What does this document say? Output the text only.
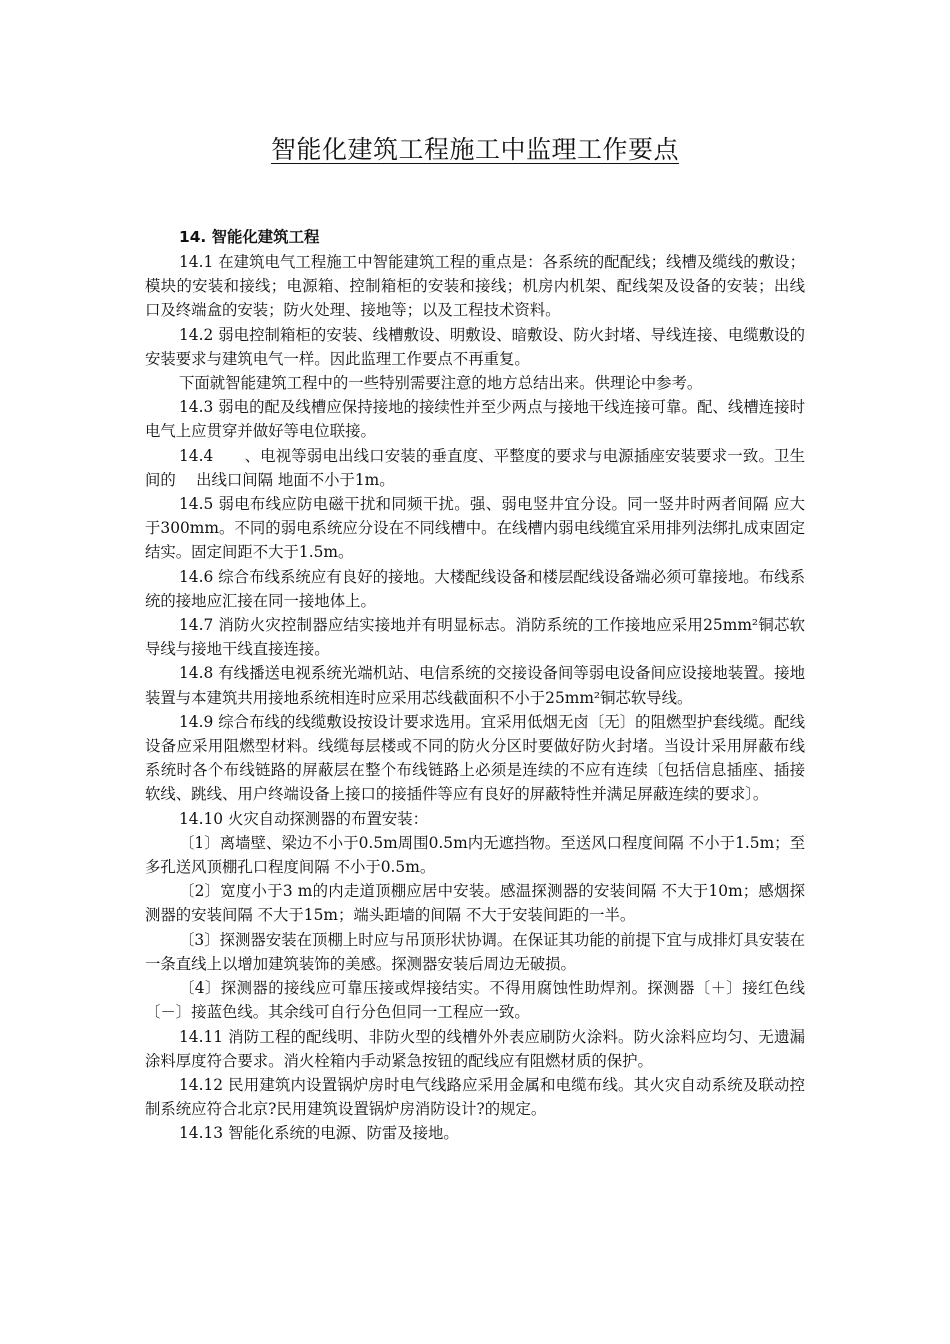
智能化建筑工程施工中监理工作要点

14. 智能化建筑工程

14.1 在建筑电气工程施工中智能建筑工程的重点是：各系统的配配线；线槽及缆线的敷设；模块的安装和接线；电源箱、控制箱柜的安装和接线；机房内机架、配线架及设备的安装；出线口及终端盒的安装；防火处理、接地等；以及工程技术资料。

14.2 弱电控制箱柜的安装、线槽敷设、明敷设、暗敷设、防火封堵、导线连接、电缆敷设的安装要求与建筑电气一样。因此监理工作要点不再重复。

下面就智能建筑工程中的一些特别需要注意的地方总结出来。供理论中参考。

14.3 弱电的配及线槽应保持接地的接续性并至少两点与接地干线连接可靠。配、线槽连接时电气上应贯穿并做好等电位联接。

14.4　　、电视等弱电出线口安装的垂直度、平整度的要求与电源插座安装要求一致。卫生间的　 出线口间隔 地面不小于1m。

14.5 弱电布线应防电磁干扰和同频干扰。强、弱电竖井宜分设。同一竖井时两者间隔 应大于300mm。不同的弱电系统应分设在不同线槽中。在线槽内弱电线缆宜采用排列法绑扎成束固定结实。固定间距不大于1.5m。

14.6 综合布线系统应有良好的接地。大楼配线设备和楼层配线设备端必须可靠接地。布线系统的接地应汇接在同一接地体上。

14.7 消防火灾控制器应结实接地并有明显标志。消防系统的工作接地应采用25mm²铜芯软导线与接地干线直接连接。

14.8 有线播送电视系统光端机站、电信系统的交接设备间等弱电设备间应设接地装置。接地装置与本建筑共用接地系统相连时应采用芯线截面积不小于25mm²铜芯软导线。

14.9 综合布线的线缆敷设按设计要求选用。宜采用低烟无卤〔无〕的阻燃型护套线缆。配线设备应采用阻燃型材料。线缆每层楼或不同的防火分区时要做好防火封堵。当设计采用屏蔽布线系统时各个布线链路的屏蔽层在整个布线链路上必须是连续的不应有连续〔包括信息插座、插接软线、跳线、用户终端设备上接口的接插件等应有良好的屏蔽特性并满足屏蔽连续的要求〕。

14.10 火灾自动探测器的布置安装：

〔1〕离墙壁、梁边不小于0.5m周围0.5m内无遮挡物。至送风口程度间隔 不小于1.5m；至多孔送风顶棚孔口程度间隔 不小于0.5m。

〔2〕宽度小于3 m的内走道顶棚应居中安装。感温探测器的安装间隔 不大于10m；感烟探测器的安装间隔 不大于15m；端头距墙的间隔 不大于安装间距的一半。

〔3〕探测器安装在顶棚上时应与吊顶形状协调。在保证其功能的前提下宜与成排灯具安装在一条直线上以增加建筑装饰的美感。探测器安装后周边无破损。

〔4〕探测器的接线应可靠压接或焊接结实。不得用腐蚀性助焊剂。探测器〔＋〕接红色线〔－〕接蓝色线。其余线可自行分色但同一工程应一致。

14.11 消防工程的配线明、非防火型的线槽外外表应刷防火涂料。防火涂料应均匀、无遗漏涂料厚度符合要求。消火栓箱内手动紧急按钮的配线应有阻燃材质的保护。

14.12 民用建筑内设置锅炉房时电气线路应采用金属和电缆布线。其火灾自动系统及联动控制系统应符合北京?民用建筑设置锅炉房消防设计?的规定。

14.13 智能化系统的电源、防雷及接地。
